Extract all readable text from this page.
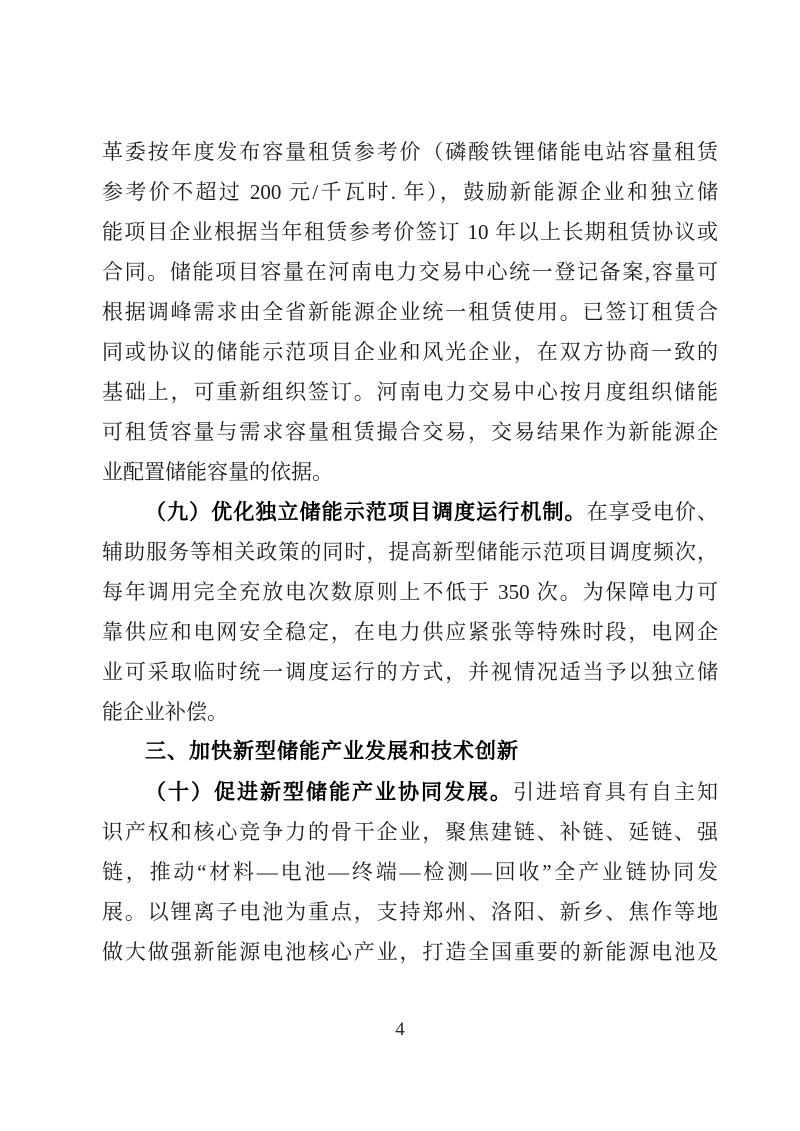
革委按年度发布容量租赁参考价（磷酸铁锂储能电站容量租赁
参考价不超过 200 元/千瓦时. 年），鼓励新能源企业和独立储
能项目企业根据当年租赁参考价签订 10 年以上长期租赁协议或
合同。储能项目容量在河南电力交易中心统一登记备案,容量可
根据调峰需求由全省新能源企业统一租赁使用。已签订租赁合
同或协议的储能示范项目企业和风光企业，在双方协商一致的
基础上，可重新组织签订。河南电力交易中心按月度组织储能
可租赁容量与需求容量租赁撮合交易，交易结果作为新能源企
业配置储能容量的依据。
（九）优化独立储能示范项目调度运行机制。在享受电价、
辅助服务等相关政策的同时，提高新型储能示范项目调度频次，
每年调用完全充放电次数原则上不低于 350 次。为保障电力可
靠供应和电网安全稳定，在电力供应紧张等特殊时段，电网企
业可采取临时统一调度运行的方式，并视情况适当予以独立储
能企业补偿。
三、加快新型储能产业发展和技术创新
（十）促进新型储能产业协同发展。引进培育具有自主知
识产权和核心竞争力的骨干企业，聚焦建链、补链、延链、强
链，推动“材料—电池—终端—检测—回收”全产业链协同发
展。以锂离子电池为重点，支持郑州、洛阳、新乡、焦作等地
做大做强新能源电池核心产业，打造全国重要的新能源电池及
4
